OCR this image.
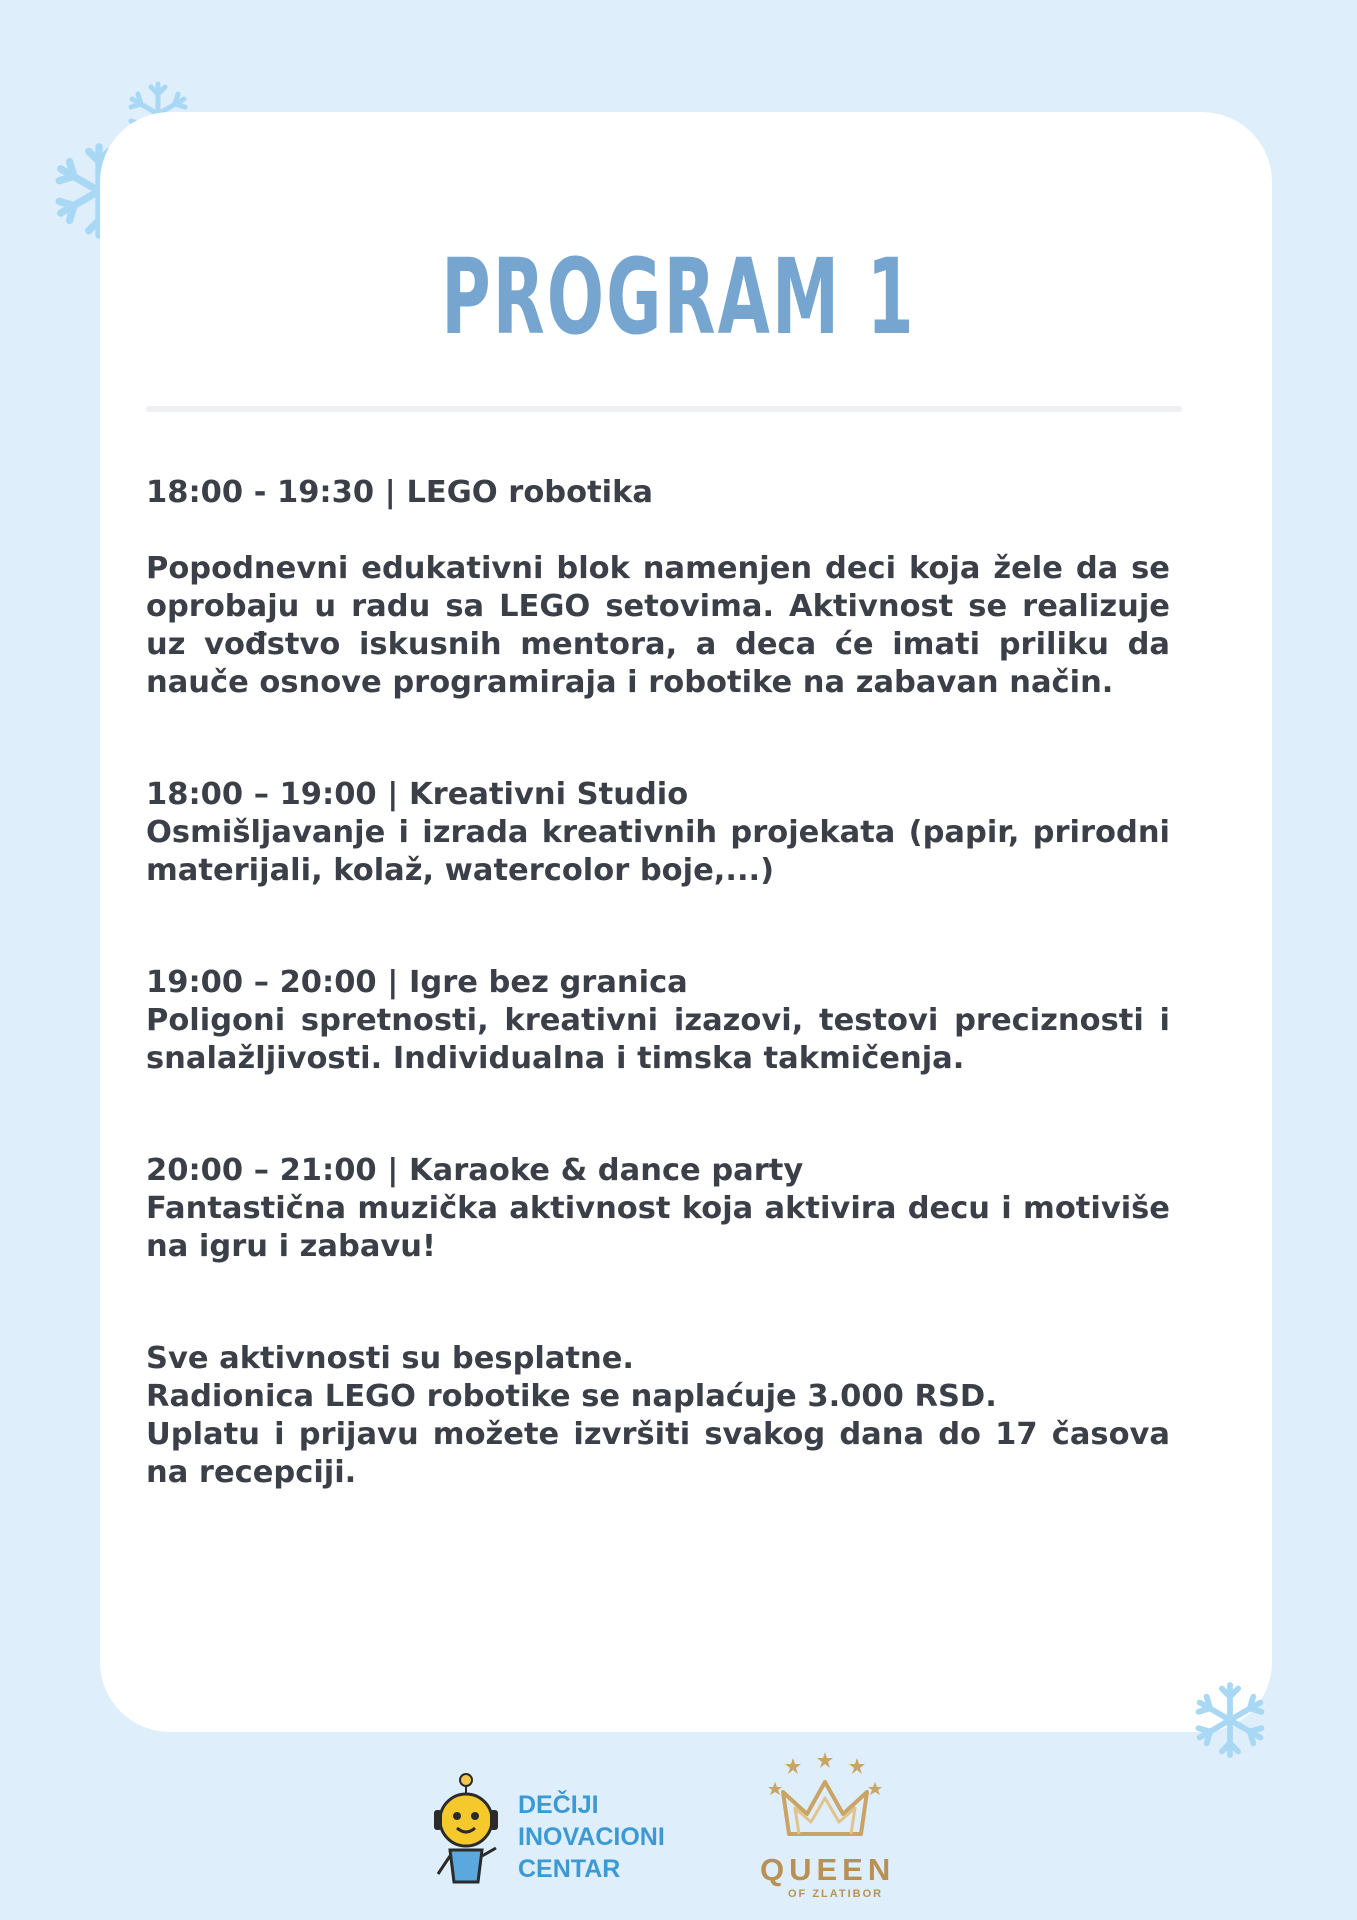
PROGRAM 1

18:00 - 19:30 | LEGO robotika

Popodnevni edukativni blok namenjen deci koja žele da se oprobaju u radu sa LEGO setovima. Aktivnost se realizuje uz vođstvo iskusnih mentora, a deca će imati priliku da nauče osnove programiraja i robotike na zabavan način.

18:00 – 19:00 | Kreativni Studio

Osmišljavanje i izrada kreativnih projekata (papir, prirodni materijali, kolaž, watercolor boje,...)

19:00 – 20:00 | Igre bez granica

Poligoni spretnosti, kreativni izazovi, testovi preciznosti i snalažljivosti. Individualna i timska takmičenja.

20:00 – 21:00 | Karaoke & dance party

Fantastična muzička aktivnost koja aktivira decu i motiviše na igru i zabavu!

Sve aktivnosti su besplatne.

Radionica LEGO robotike se naplaćuje 3.000 RSD.

Uplatu i prijavu možete izvršiti svakog dana do 17 časova na recepciji.

DEČIJI
INOVACIONI
CENTAR	QUEEN
OF ZLATIBOR
